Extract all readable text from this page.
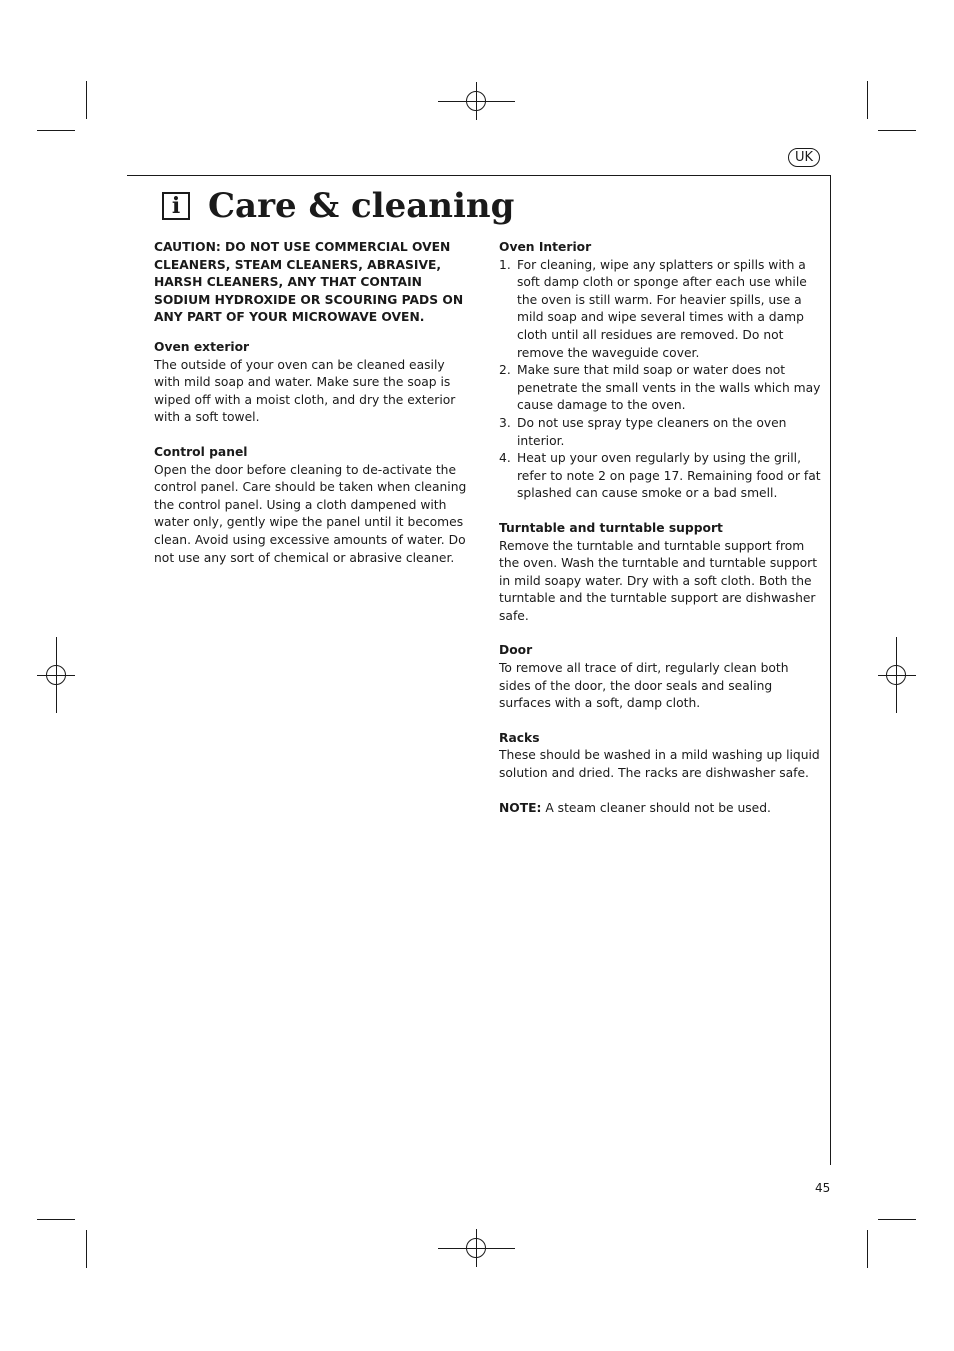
UK
i Care & cleaning

CAUTION: DO NOT USE COMMERCIAL OVEN CLEANERS, STEAM CLEANERS, ABRASIVE, HARSH CLEANERS, ANY THAT CONTAIN SODIUM HYDROXIDE OR SCOURING PADS ON ANY PART OF YOUR MICROWAVE OVEN.

Oven exterior

The outside of your oven can be cleaned easily with mild soap and water. Make sure the soap is wiped off with a moist cloth, and dry the exterior with a soft towel.

Control panel

Open the door before cleaning to de-activate the control panel. Care should be taken when cleaning the control panel. Using a cloth dampened with water only, gently wipe the panel until it becomes clean. Avoid using excessive amounts of water. Do not use any sort of chemical or abrasive cleaner.

Oven Interior

1. For cleaning, wipe any splatters or spills with a soft damp cloth or sponge after each use while the oven is still warm. For heavier spills, use a mild soap and wipe several times with a damp cloth until all residues are removed. Do not remove the waveguide cover.
2. Make sure that mild soap or water does not penetrate the small vents in the walls which may cause damage to the oven.
3. Do not use spray type cleaners on the oven interior.
4. Heat up your oven regularly by using the grill, refer to note 2 on page 17. Remaining food or fat splashed can cause smoke or a bad smell.

Turntable and turntable support

Remove the turntable and turntable support from the oven. Wash the turntable and turntable support in mild soapy water. Dry with a soft cloth. Both the turntable and the turntable support are dishwasher safe.

Door

To remove all trace of dirt, regularly clean both sides of the door, the door seals and sealing surfaces with a soft, damp cloth.

Racks

These should be washed in a mild washing up liquid solution and dried. The racks are dishwasher safe.

NOTE: A steam cleaner should not be used.

45
